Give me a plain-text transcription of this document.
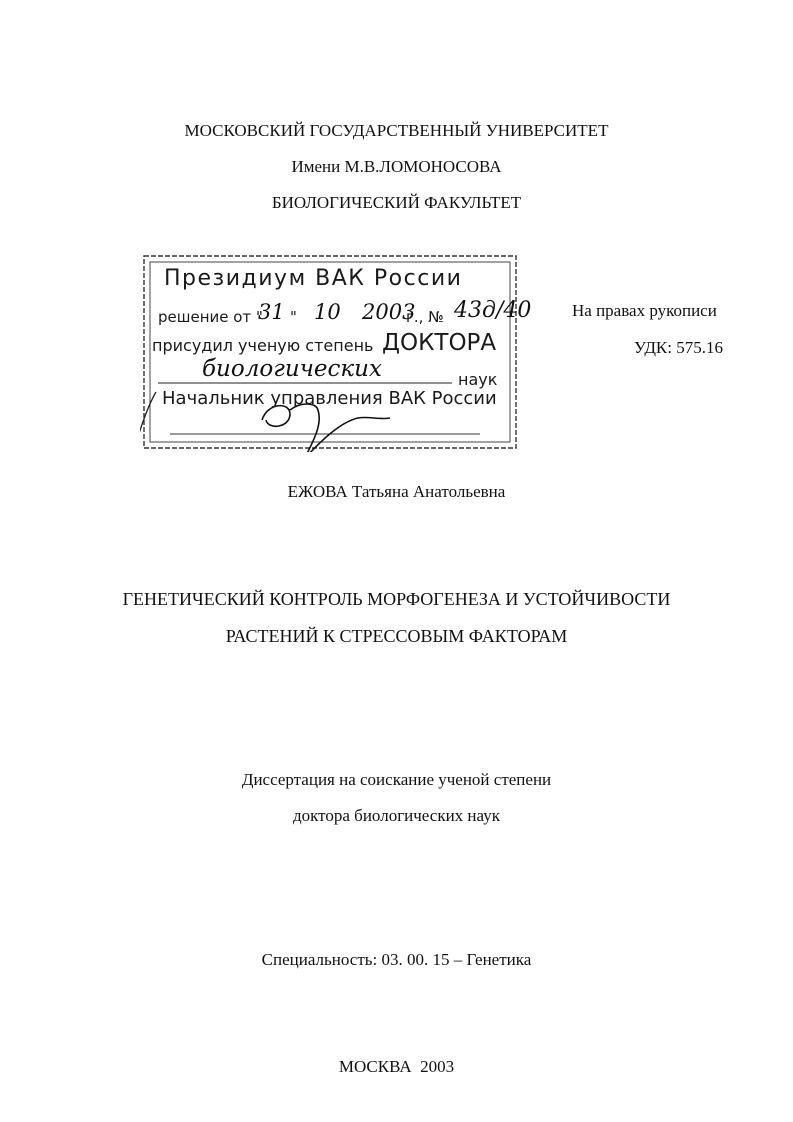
МОСКОВСКИЙ ГОСУДАРСТВЕННЫЙ УНИВЕРСИТЕТ
Имени М.В.ЛОМОНОСОВА
БИОЛОГИЧЕСКИЙ ФАКУЛЬТЕТ
Президиум ВАК России
решение от "
31 " 10 2003
г., № 43д/40
присудил ученую степень ДОКТОРА
биологических	наук
Начальник управления ВАК России
На правах рукописи
УДК: 575.16
ЕЖОВА Татьяна Анатольевна
ГЕНЕТИЧЕСКИЙ КОНТРОЛЬ МОРФОГЕНЕЗА И УСТОЙЧИВОСТИ
РАСТЕНИЙ К СТРЕССОВЫМ ФАКТОРАМ
Диссертация на соискание ученой степени
доктора биологических наук
Специальность: 03. 00. 15 – Генетика
МОСКВА  2003
